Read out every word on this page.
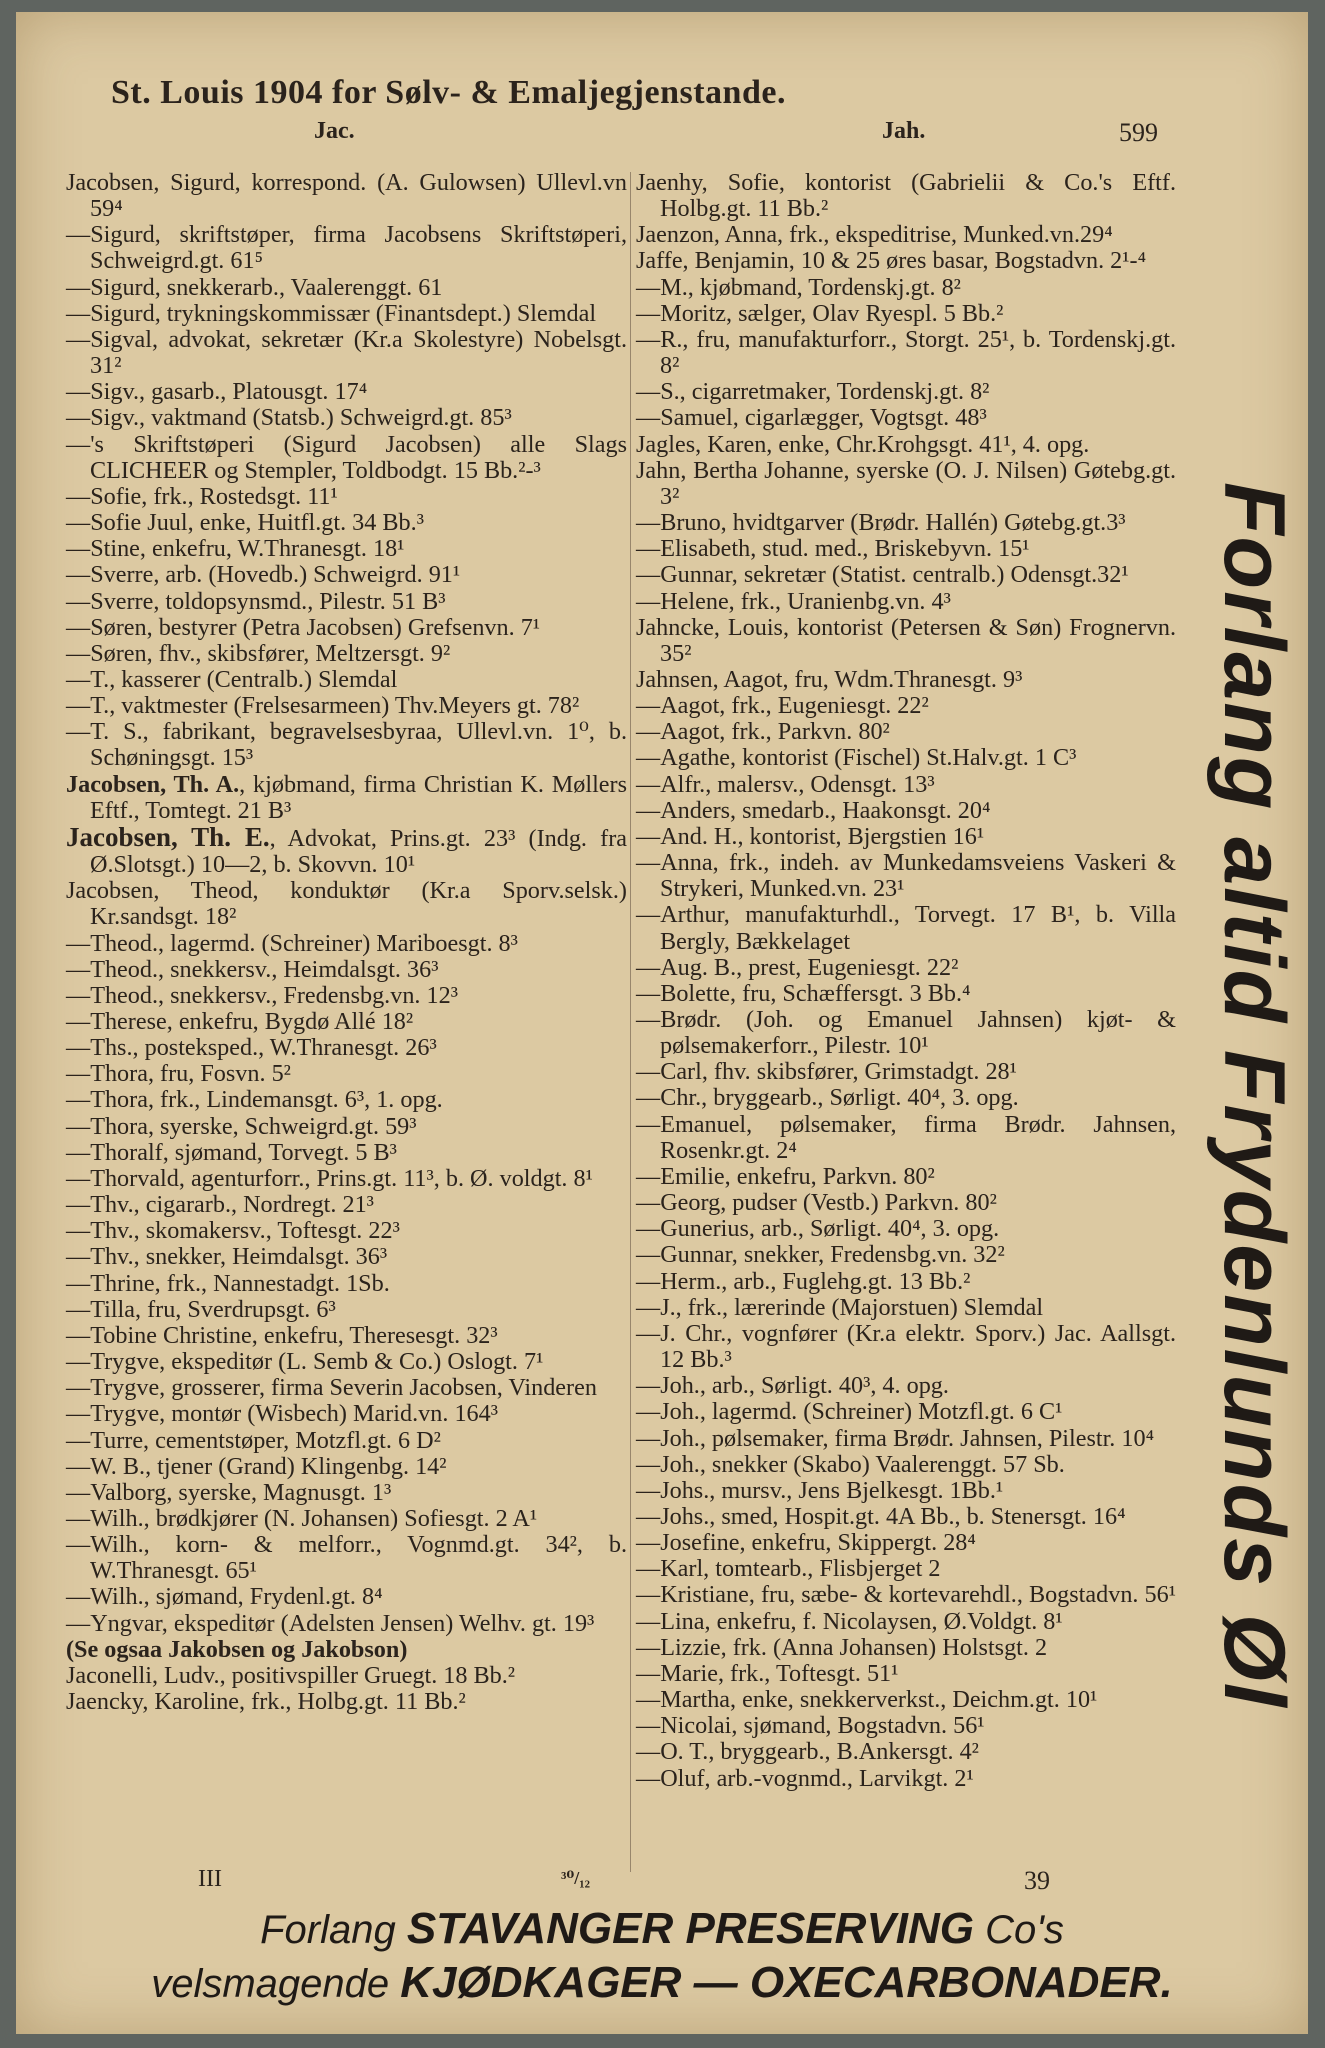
St. Louis 1904 for Sølv- & Emaljegjenstande.
Jac.	Jah.	599
Jacobsen, Sigurd, korrespond. (A. Gulowsen) Ullevl.vn 59⁴
—Sigurd, skriftstøper, firma Jacobsens Skriftstøperi, Schweigrd.gt. 61⁵
—Sigurd, snekkerarb., Vaalerenggt. 61
—Sigurd, trykningskommissær (Finantsdept.) Slemdal
—Sigval, advokat, sekretær (Kr.a Skolestyre) Nobelsgt. 31²
—Sigv., gasarb., Platousgt. 17⁴
—Sigv., vaktmand (Statsb.) Schweigrd.gt. 85³
—'s Skriftstøperi (Sigurd Jacobsen) alle Slags CLICHEER og Stempler, Toldbodgt. 15 Bb.²-³
—Sofie, frk., Rostedsgt. 11¹
—Sofie Juul, enke, Huitfl.gt. 34 Bb.³
—Stine, enkefru, W.Thranesgt. 18¹
—Sverre, arb. (Hovedb.) Schweigrd. 91¹
—Sverre, toldopsynsmd., Pilestr. 51 B³
—Søren, bestyrer (Petra Jacobsen) Grefsenvn. 7¹
—Søren, fhv., skibsfører, Meltzersgt. 9²
—T., kasserer (Centralb.) Slemdal
—T., vaktmester (Frelsesarmeen) Thv.Meyers gt. 78²
—T. S., fabrikant, begravelsesbyraa, Ullevl.vn. 1⁰, b. Schøningsgt. 15³
Jacobsen, Th. A., kjøbmand, firma Christian K. Møllers Eftf., Tomtegt. 21 B³
Jacobsen, Th. E., Advokat, Prins.gt. 23³ (Indg. fra Ø.Slotsgt.) 10—2, b. Skovvn. 10¹
Jacobsen, Theod, konduktør (Kr.a Sporv.selsk.) Kr.sandsgt. 18²
—Theod., lagermd. (Schreiner) Mariboesgt. 8³
—Theod., snekkersv., Heimdalsgt. 36³
—Theod., snekkersv., Fredensbg.vn. 12³
—Therese, enkefru, Bygdø Allé 18²
—Ths., posteksped., W.Thranesgt. 26³
—Thora, fru, Fosvn. 5²
—Thora, frk., Lindemansgt. 6³, 1. opg.
—Thora, syerske, Schweigrd.gt. 59³
—Thoralf, sjømand, Torvegt. 5 B³
—Thorvald, agenturforr., Prins.gt. 11³, b. Ø. voldgt. 8¹
—Thv., cigararb., Nordregt. 21³
—Thv., skomakersv., Toftesgt. 22³
—Thv., snekker, Heimdalsgt. 36³
—Thrine, frk., Nannestadgt. 1Sb.
—Tilla, fru, Sverdrupsgt. 6³
—Tobine Christine, enkefru, Theresesgt. 32³
—Trygve, ekspeditør (L. Semb & Co.) Oslogt. 7¹
—Trygve, grosserer, firma Severin Jacobsen, Vinderen
—Trygve, montør (Wisbech) Marid.vn. 164³
—Turre, cementstøper, Motzfl.gt. 6 D²
—W. B., tjener (Grand) Klingenbg. 14²
—Valborg, syerske, Magnusgt. 1³
—Wilh., brødkjører (N. Johansen) Sofiesgt. 2 A¹
—Wilh., korn- & melforr., Vognmd.gt. 34², b. W.Thranesgt. 65¹
—Wilh., sjømand, Frydenl.gt. 8⁴
—Yngvar, ekspeditør (Adelsten Jensen) Welhv. gt. 19³
(Se ogsaa Jakobsen og Jakobson)
Jaconelli, Ludv., positivspiller Gruegt. 18 Bb.²
Jaencky, Karoline, frk., Holbg.gt. 11 Bb.²
Jaenhy, Sofie, kontorist (Gabrielii & Co.'s Eftf. Holbg.gt. 11 Bb.²
Jaenzon, Anna, frk., ekspeditrise, Munked.vn.29⁴
Jaffe, Benjamin, 10 & 25 øres basar, Bogstadvn. 2¹-⁴
—M., kjøbmand, Tordenskj.gt. 8²
—Moritz, sælger, Olav Ryespl. 5 Bb.²
—R., fru, manufakturforr., Storgt. 25¹, b. Tordenskj.gt. 8²
—S., cigarretmaker, Tordenskj.gt. 8²
—Samuel, cigarlægger, Vogtsgt. 48³
Jagles, Karen, enke, Chr.Krohgsgt. 41¹, 4. opg.
Jahn, Bertha Johanne, syerske (O. J. Nilsen) Gøtebg.gt. 3²
—Bruno, hvidtgarver (Brødr. Hallén) Gøtebg.gt.3³
—Elisabeth, stud. med., Briskebyvn. 15¹
—Gunnar, sekretær (Statist. centralb.) Odensgt.32¹
—Helene, frk., Uranienbg.vn. 4³
Jahncke, Louis, kontorist (Petersen & Søn) Frognervn. 35²
Jahnsen, Aagot, fru, Wdm.Thranesgt. 9³
—Aagot, frk., Eugeniesgt. 22²
—Aagot, frk., Parkvn. 80²
—Agathe, kontorist (Fischel) St.Halv.gt. 1 C³
—Alfr., malersv., Odensgt. 13³
—Anders, smedarb., Haakonsgt. 20⁴
—And. H., kontorist, Bjergstien 16¹
—Anna, frk., indeh. av Munkedamsveiens Vaskeri & Strykeri, Munked.vn. 23¹
—Arthur, manufakturhdl., Torvegt. 17 B¹, b. Villa Bergly, Bækkelaget
—Aug. B., prest, Eugeniesgt. 22²
—Bolette, fru, Schæffersgt. 3 Bb.⁴
—Brødr. (Joh. og Emanuel Jahnsen) kjøt- & pølsemakerforr., Pilestr. 10¹
—Carl, fhv. skibsfører, Grimstadgt. 28¹
—Chr., bryggearb., Sørligt. 40⁴, 3. opg.
—Emanuel, pølsemaker, firma Brødr. Jahnsen, Rosenkr.gt. 2⁴
—Emilie, enkefru, Parkvn. 80²
—Georg, pudser (Vestb.) Parkvn. 80²
—Gunerius, arb., Sørligt. 40⁴, 3. opg.
—Gunnar, snekker, Fredensbg.vn. 32²
—Herm., arb., Fuglehg.gt. 13 Bb.²
—J., frk., lærerinde (Majorstuen) Slemdal
—J. Chr., vognfører (Kr.a elektr. Sporv.) Jac. Aallsgt. 12 Bb.³
—Joh., arb., Sørligt. 40³, 4. opg.
—Joh., lagermd. (Schreiner) Motzfl.gt. 6 C¹
—Joh., pølsemaker, firma Brødr. Jahnsen, Pilestr. 10⁴
—Joh., snekker (Skabo) Vaalerenggt. 57 Sb.
—Johs., mursv., Jens Bjelkesgt. 1Bb.¹
—Johs., smed, Hospit.gt. 4A Bb., b. Stenersgt. 16⁴
—Josefine, enkefru, Skippergt. 28⁴
—Karl, tomtearb., Flisbjerget 2
—Kristiane, fru, sæbe- & kortevarehdl., Bogstadvn. 56¹
—Lina, enkefru, f. Nicolaysen, Ø.Voldgt. 8¹
—Lizzie, frk. (Anna Johansen) Holstsgt. 2
—Marie, frk., Toftesgt. 51¹
—Martha, enke, snekkerverkst., Deichm.gt. 10¹
—Nicolai, sjømand, Bogstadvn. 56¹
—O. T., bryggearb., B.Ankersgt. 4²
—Oluf, arb.-vognmd., Larvikgt. 2¹
Forlang altid Frydenlunds Øl
III	³⁰/₁₂	39
Forlang STAVANGER PRESERVING Co's
velsmagende KJØDKAGER — OXECARBONADER.
